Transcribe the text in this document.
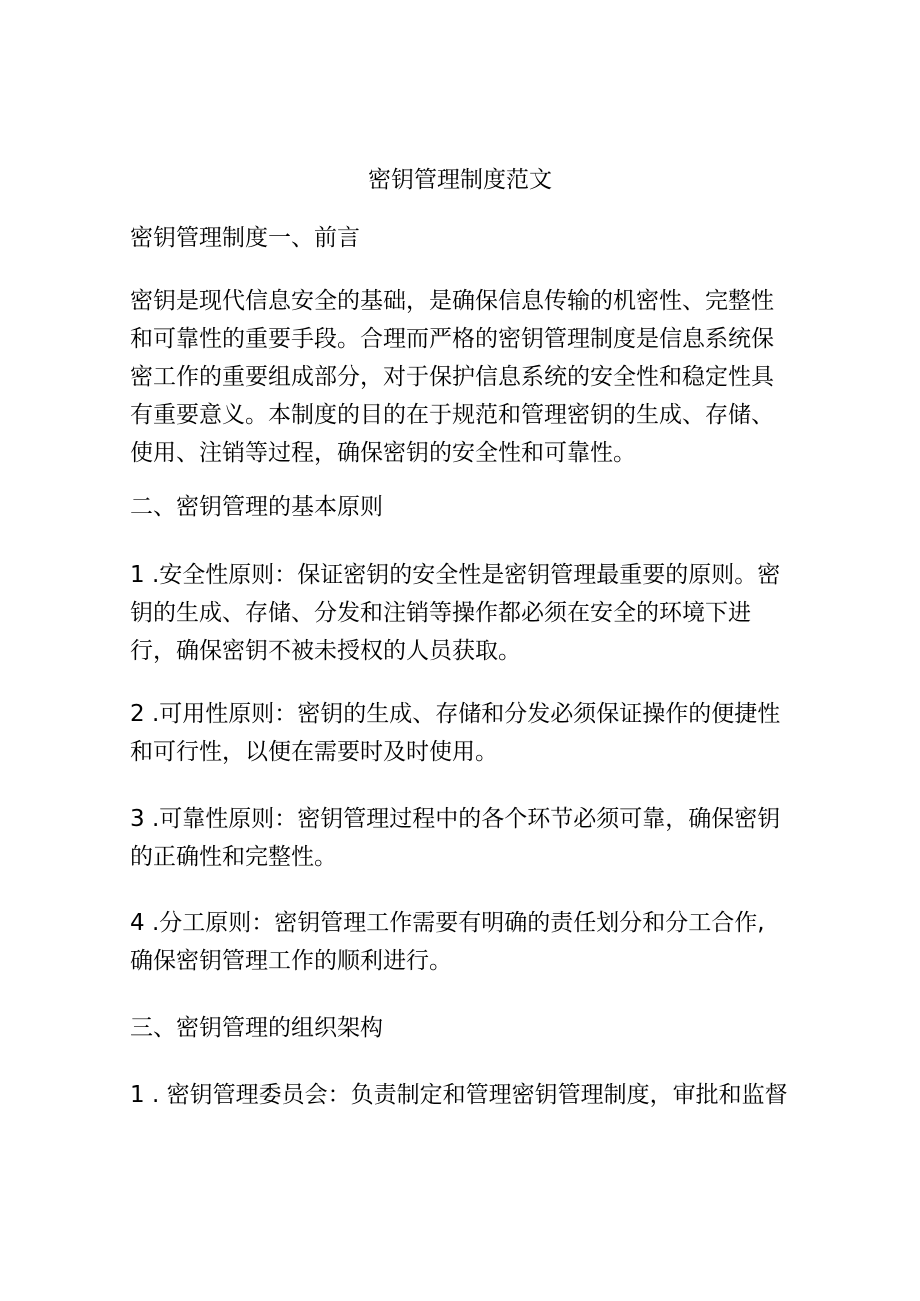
密钥管理制度范文

密钥管理制度一、前言

密钥是现代信息安全的基础，是确保信息传输的机密性、完整性
和可靠性的重要手段。合理而严格的密钥管理制度是信息系统保
密工作的重要组成部分，对于保护信息系统的安全性和稳定性具
有重要意义。本制度的目的在于规范和管理密钥的生成、存储、
使用、注销等过程，确保密钥的安全性和可靠性。

二、密钥管理的基本原则

1 .安全性原则：保证密钥的安全性是密钥管理最重要的原则。密
钥的生成、存储、分发和注销等操作都必须在安全的环境下进
行，确保密钥不被未授权的人员获取。

2 .可用性原则：密钥的生成、存储和分发必须保证操作的便捷性
和可行性，以便在需要时及时使用。

3 .可靠性原则：密钥管理过程中的各个环节必须可靠，确保密钥
的正确性和完整性。

4 .分工原则：密钥管理工作需要有明确的责任划分和分工合作,
确保密钥管理工作的顺利进行。

三、密钥管理的组织架构

1 . 密钥管理委员会：负责制定和管理密钥管理制度，审批和监督
